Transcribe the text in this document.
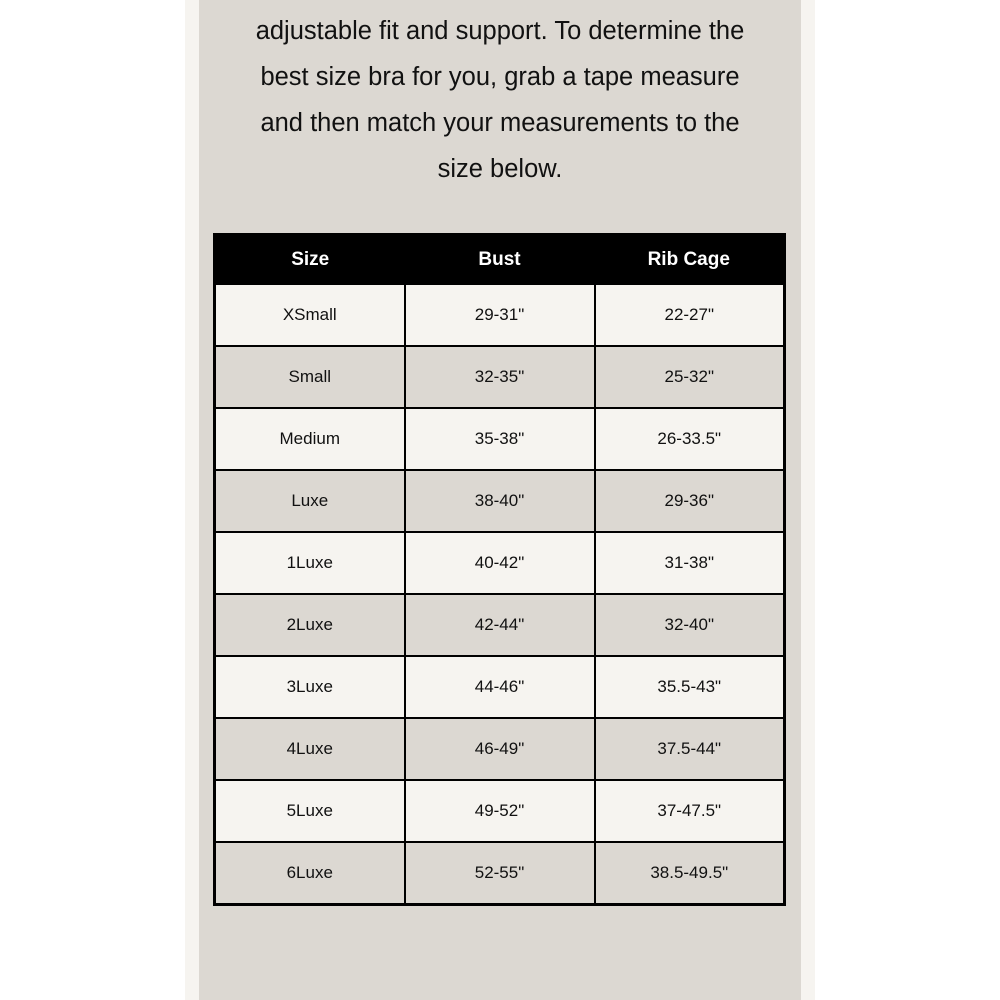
adjustable fit and support. To determine the
best size bra for you, grab a tape measure
and then match your measurements to the
size below.

Size	Bust	Rib Cage
XSmall	29-31"	22-27"
Small	32-35"	25-32"
Medium	35-38"	26-33.5"
Luxe	38-40"	29-36"
1Luxe	40-42"	31-38"
2Luxe	42-44"	32-40"
3Luxe	44-46"	35.5-43"
4Luxe	46-49"	37.5-44"
5Luxe	49-52"	37-47.5"
6Luxe	52-55"	38.5-49.5"
